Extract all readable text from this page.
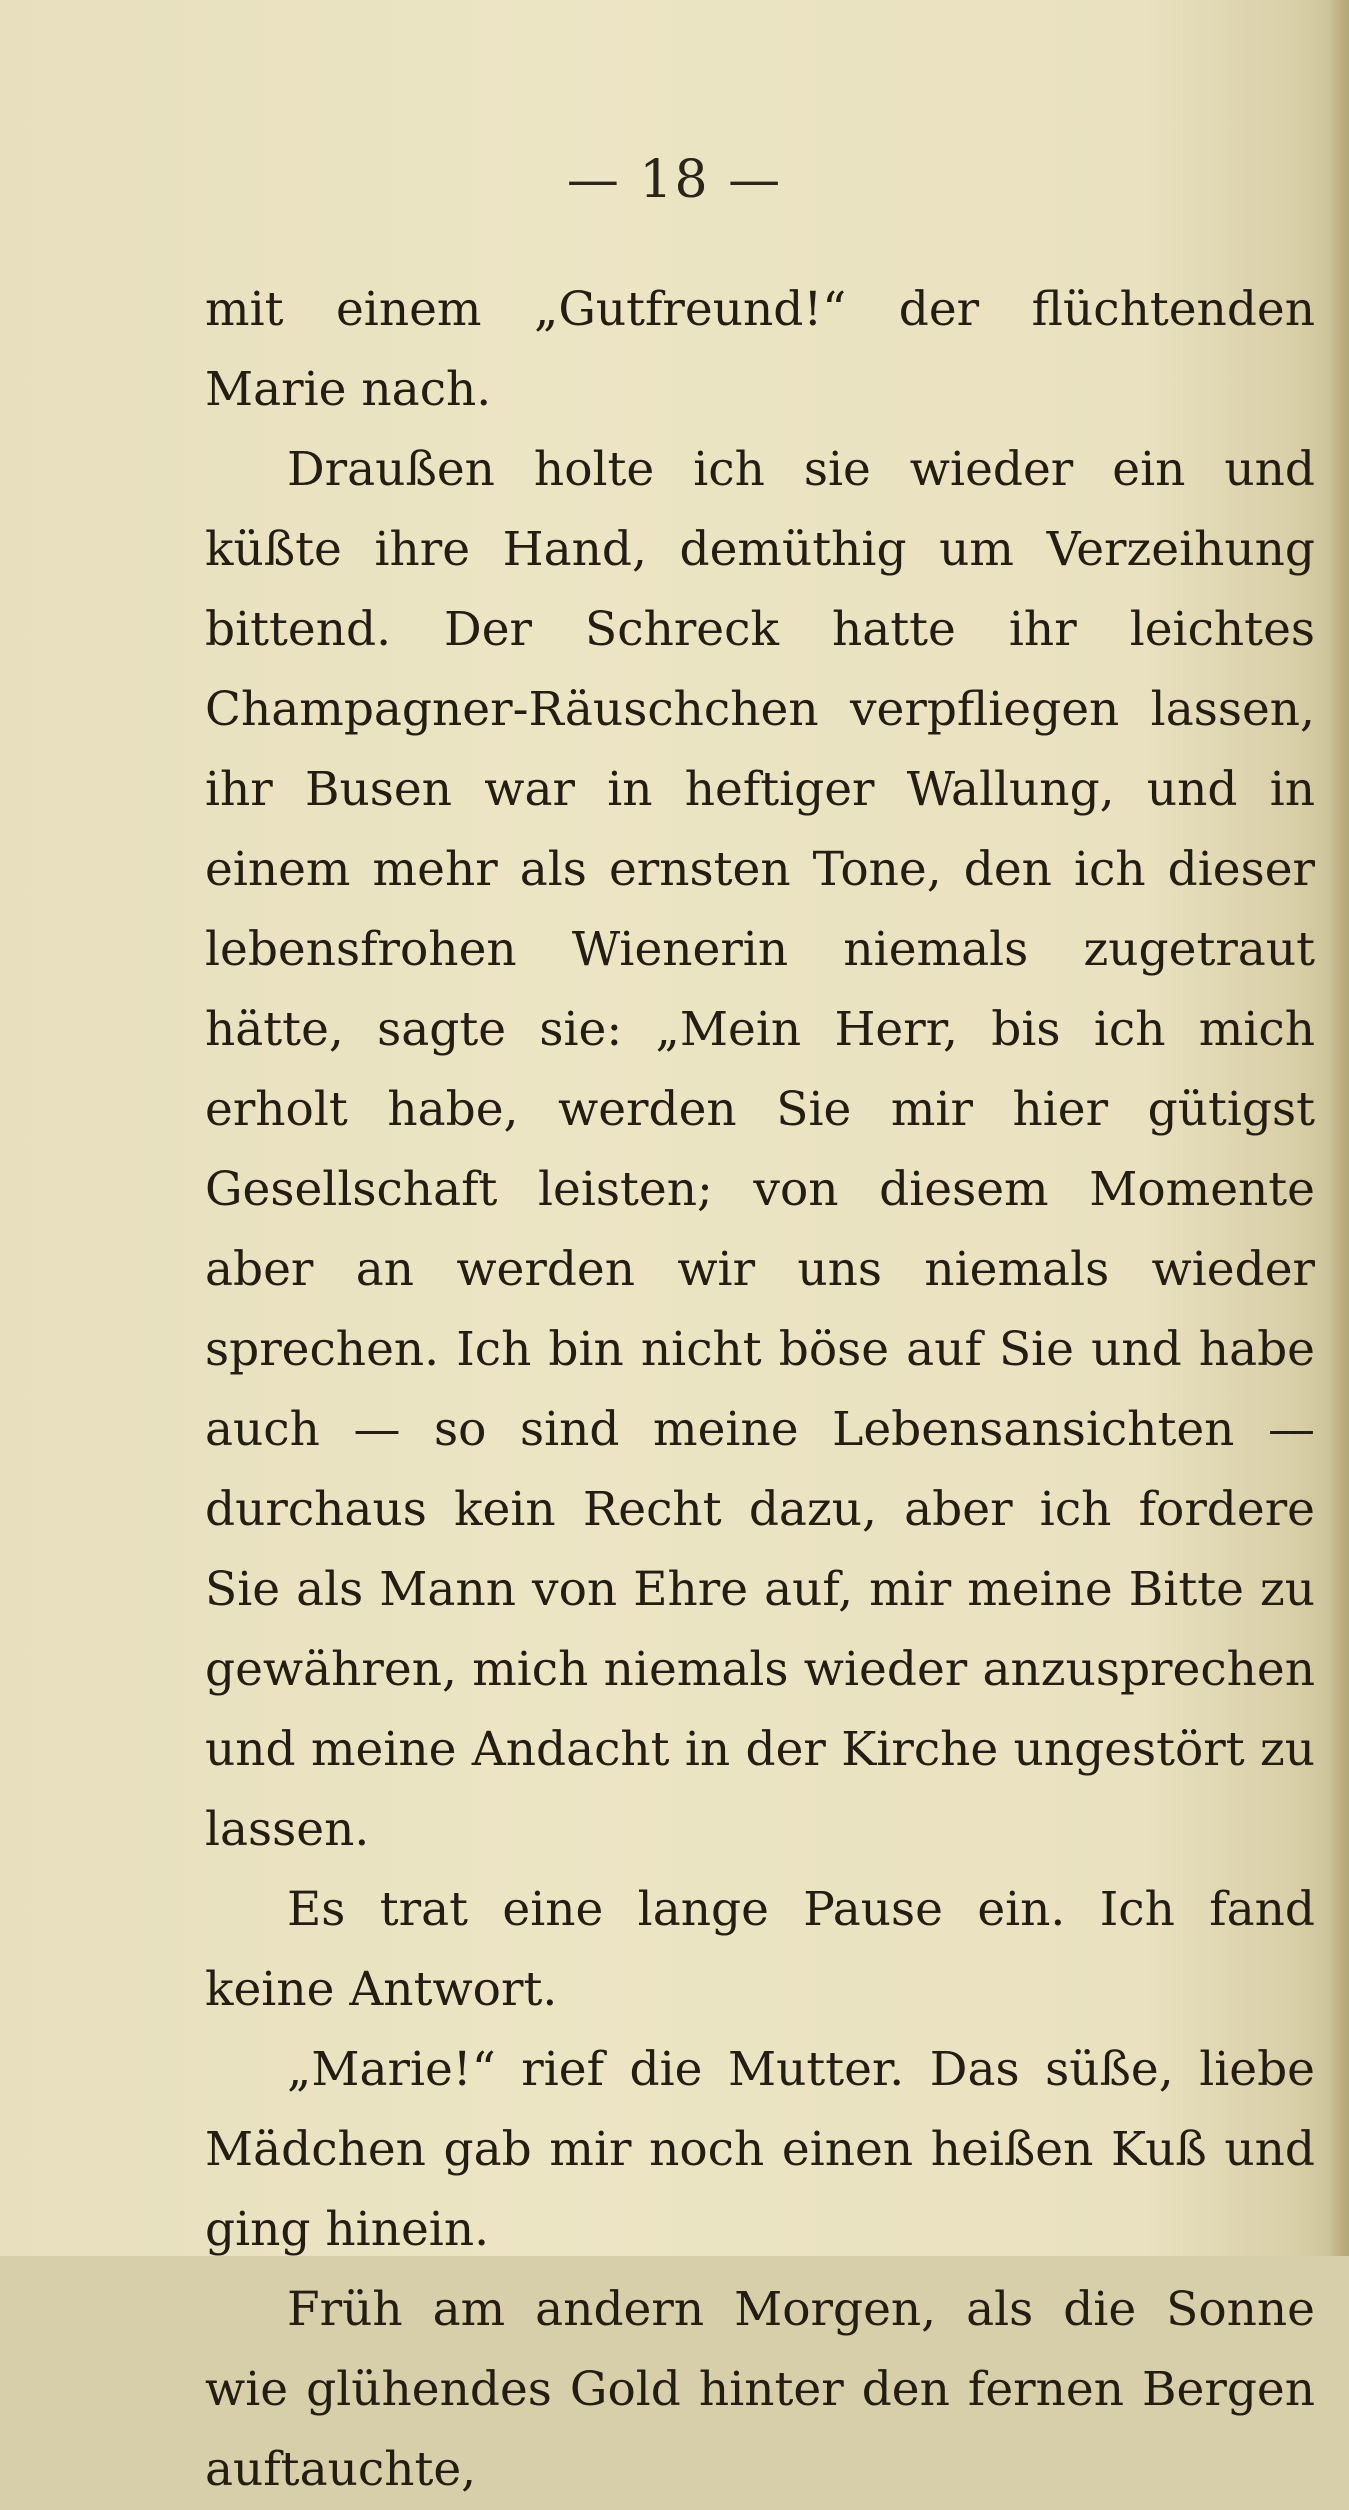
— 18 —

mit einem „Gutfreund!“ der flüchtenden Marie nach.

Draußen holte ich sie wieder ein und küßte ihre Hand, demüthig um Verzeihung bittend. Der Schreck hatte ihr leichtes Champagner-Räuschchen verpfliegen lassen, ihr Busen war in heftiger Wallung, und in einem mehr als ernsten Tone, den ich dieser lebensfrohen Wienerin niemals zugetraut hätte, sagte sie: „Mein Herr, bis ich mich erholt habe, werden Sie mir hier gütigst Gesellschaft leisten; von diesem Momente aber an werden wir uns niemals wieder sprechen. Ich bin nicht böse auf Sie und habe auch — so sind meine Lebensansichten — durchaus kein Recht dazu, aber ich fordere Sie als Mann von Ehre auf, mir meine Bitte zu gewähren, mich niemals wieder anzusprechen und meine Andacht in der Kirche ungestört zu lassen.

Es trat eine lange Pause ein. Ich fand keine Antwort.

„Marie!“ rief die Mutter. Das süße, liebe Mädchen gab mir noch einen heißen Kuß und ging hinein.

Früh am andern Morgen, als die Sonne wie glühendes Gold hinter den fernen Bergen auftauchte,
